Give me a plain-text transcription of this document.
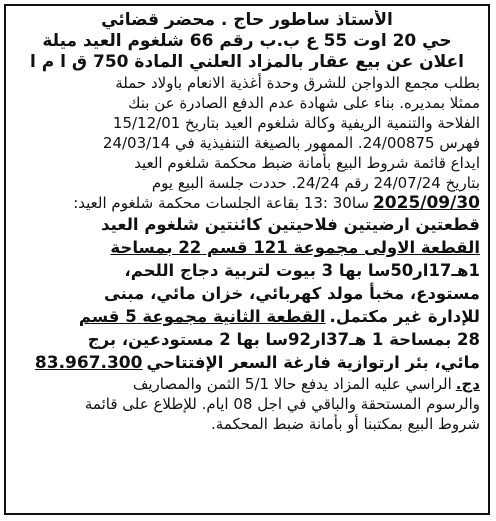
الأستاذ ساطور حاج . محضر قضائي
حي 20 اوت 55 ع ب.ب رقم 66 شلغوم العيد ميلة
اعلان عن بيع عقار بالمزاد العلني المادة 750 ق ا م ا
بطلب مجمع الدواجن للشرق وحدة أغذية الانعام باولاد حملة
ممثلا بمديره. بناء على شهادة عدم الدفع الصادرة عن بنك
الفلاحة والتنمية الريفية وكالة شلغوم العيد بتاريخ 15/12/01
فهرس 24/00875. الممهور بالصيغة التنفيذية في 24/03/14
ايداع قائمة شروط البيع بأمانة ضبط محكمة شلغوم العيد
بتاريخ 24/07/24 رقم 24/24. حددت جلسة البيع يوم
2025/09/30سا30 :13 بقاعة الجلسات محكمة شلغوم العيد:
قطعتين ارضيتين فلاحيتين كائنتين شلغوم العيد
القطعة الاولى مجموعة 121 قسم 22 بمساحة
1هـ17ار50سا بها 3 بيوت لتربية دجاج اللحم،
مستودع، مخبأ مولد كهربائي، خزان مائي، مبنى
للإدارة غير مكتمل.القطعة الثانية مجموعة 5 قسم
28 بمساحة 1 هـ37ار92سا بها 2 مستودعين، برج
مائي، بئر ارتوازية فارغة السعر الإفتتاحي83.967.300
دج.الراسي عليه المزاد يدفع حالا 5/1 الثمن والمصاريف
والرسوم المستحقة والباقي في اجل 08 ايام. للإطلاع على قائمة
شروط البيع بمكتبنا أو بأمانة ضبط المحكمة.
